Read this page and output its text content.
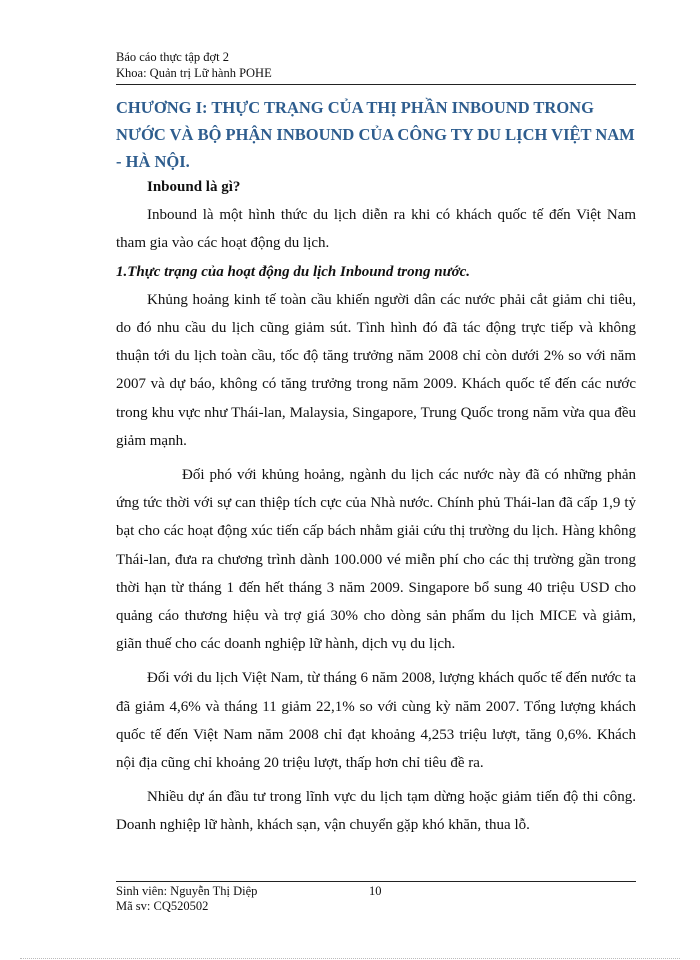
Báo cáo thực tập đợt 2
Khoa: Quản trị Lữ hành POHE
CHƯƠNG I: THỰC TRẠNG CỦA THỊ PHẦN INBOUND TRONG NƯỚC VÀ BỘ PHẬN INBOUND CỦA CÔNG TY DU LỊCH VIỆT NAM - HÀ NỘI.

Inbound là gì?

Inbound là một hình thức du lịch diễn ra khi có khách quốc tế đến Việt Nam tham gia vào các hoạt động du lịch.

1.Thực trạng của hoạt động du lịch Inbound trong nước.

Khủng hoảng kinh tế toàn cầu khiến người dân các nước phải cắt giảm chi tiêu, do đó nhu cầu du lịch cũng giảm sút. Tình hình đó đã tác động trực tiếp và không thuận tới du lịch toàn cầu, tốc độ tăng trưởng năm 2008 chỉ còn dưới 2% so với năm 2007 và dự báo, không có tăng trưởng trong năm 2009. Khách quốc tế đến các nước trong khu vực như Thái-lan, Malaysia, Singapore, Trung Quốc trong năm vừa qua đều giảm mạnh.

Đối phó với khủng hoảng, ngành du lịch các nước này đã có những phản ứng tức thời với sự can thiệp tích cực của Nhà nước. Chính phủ Thái-lan đã cấp 1,9 tỷ bạt cho các hoạt động xúc tiến cấp bách nhằm giải cứu thị trường du lịch. Hàng không Thái-lan, đưa ra chương trình dành 100.000 vé miễn phí cho các thị trường gần trong thời hạn từ tháng 1 đến hết tháng 3 năm 2009. Singapore bổ sung 40 triệu USD cho quảng cáo thương hiệu và trợ giá 30% cho dòng sản phẩm du lịch MICE và giảm, giãn thuế cho các doanh nghiệp lữ hành, dịch vụ du lịch.

Đối với du lịch Việt Nam, từ tháng 6 năm 2008, lượng khách quốc tế đến nước ta đã giảm 4,6% và tháng 11 giảm 22,1% so với cùng kỳ năm 2007. Tổng lượng khách quốc tế đến Việt Nam năm 2008 chỉ đạt khoảng 4,253 triệu lượt, tăng 0,6%. Khách nội địa cũng chỉ khoảng 20 triệu lượt, thấp hơn chỉ tiêu đề ra.

Nhiều dự án đầu tư trong lĩnh vực du lịch tạm dừng hoặc giảm tiến độ thi công. Doanh nghiệp lữ hành, khách sạn, vận chuyển gặp khó khăn, thua lỗ.

Sinh viên: Nguyễn Thị Diệp
Mã sv: CQ520502
10
